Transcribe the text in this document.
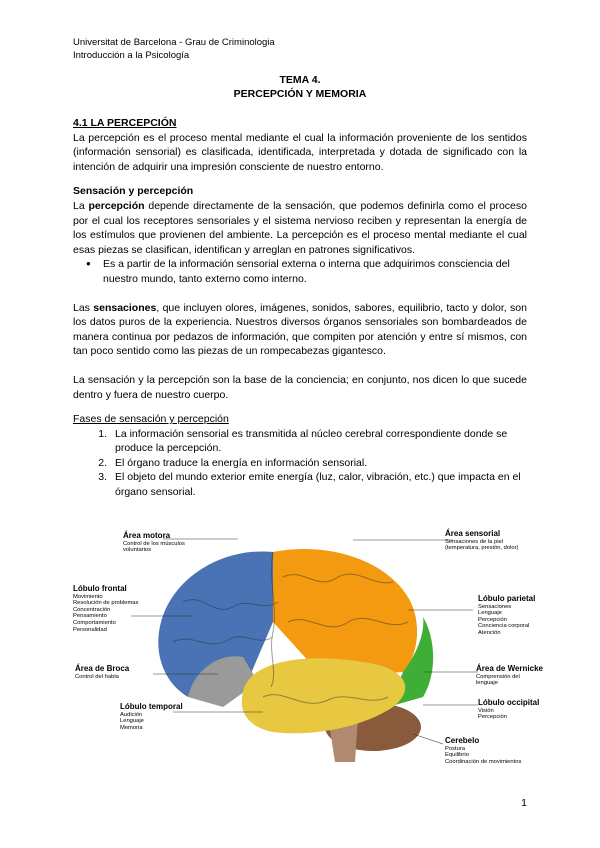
Universitat de Barcelona - Grau de Criminologia
Introducción a la Psicología
TEMA 4.
PERCEPCIÓN Y MEMORIA

4.1 LA PERCEPCIÓN

La percepción es el proceso mental mediante el cual la información proveniente de los sentidos (información sensorial) es clasificada, identificada, interpretada y dotada de significado con la intención de adquirir una impresión consciente de nuestro entorno.

Sensación y percepción

La percepción depende directamente de la sensación, que podemos definirla como el proceso por el cual los receptores sensoriales y el sistema nervioso reciben y representan la energía de los estímulos que provienen del ambiente. La percepción es el proceso mental mediante el cual esas piezas se clasifican, identifican y arreglan en patrones significativos.

● Es a partir de la información sensorial externa o interna que adquirimos consciencia del nuestro mundo, tanto externo como interno.

Las sensaciones, que incluyen olores, imágenes, sonidos, sabores, equilibrio, tacto y dolor, son los datos puros de la experiencia. Nuestros diversos órganos sensoriales son bombardeados de manera continua por pedazos de información, que compiten por atención y entre sí mismos, con tan poco sentido como las piezas de un rompecabezas gigantesco.

La sensación y la percepción son la base de la conciencia; en conjunto, nos dicen lo que sucede dentro y fuera de nuestro cuerpo.

Fases de sensación y percepción

1. La información sensorial es transmitida al núcleo cerebral correspondiente donde se produce la percepción.
2. El órgano traduce la energía en información sensorial.
3. El objeto del mundo exterior emite energía (luz, calor, vibración, etc.) que impacta en el órgano sensorial.
Área motora
Control de los músculos
voluntarios
Área sensorial
Sensaciones de la piel
(temperatura, presión, dolor)
Lóbulo frontal
Movimiento
Resolución de problemas
Concentración
Pensamiento
Comportamiento
Personalidad
Lóbulo parietal
Sensaciones
Lenguaje
Percepción
Conciencia corporal
Atención
Área de Broca
Control del habla
Área de Wernicke
Comprensión del lenguaje
Lóbulo occipital
Visión
Percepción
Lóbulo temporal
Audición
Lenguaje
Memoria
Cerebelo
Postura
Equilibrio
Coordinación de movimientos
1
